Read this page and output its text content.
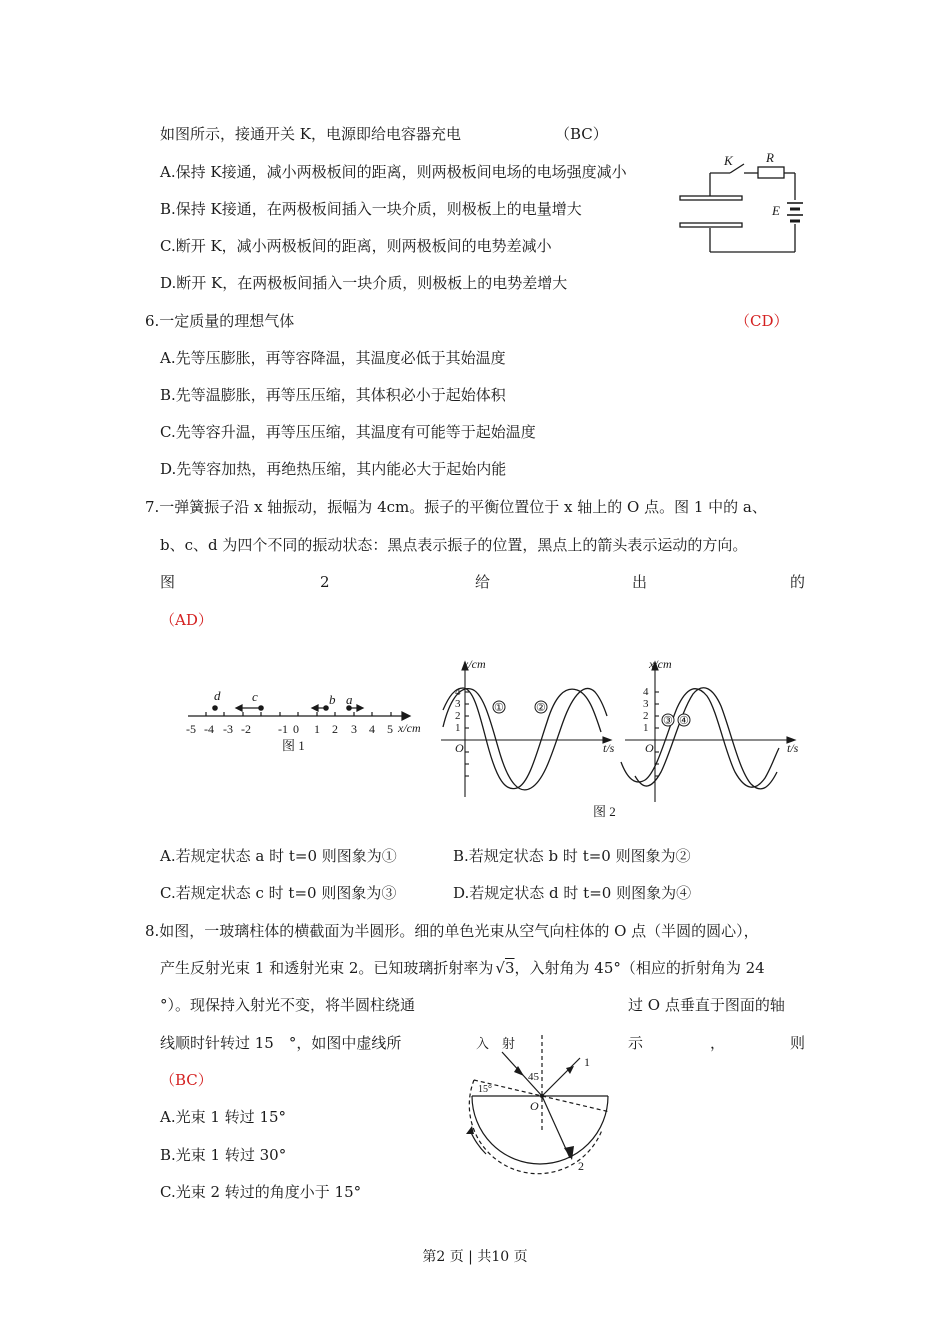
如图所示，接通开关 K，电源即给电容器充电	（BC）
A.保持 K接通，减小两极板间的距离，则两极板间电场的电场强度减小
B.保持 K接通，在两极板间插入一块介质，则极板上的电量增大
C.断开 K，减小两极板间的距离，则两极板间的电势差减小
D.断开 K，在两极板间插入一块介质，则极板上的电势差增大
K	R
E
6.一定质量的理想气体	（CD）
A.先等压膨胀，再等容降温，其温度必低于其始温度
B.先等温膨胀，再等压压缩，其体积必小于起始体积
C.先等容升温，再等压压缩，其温度有可能等于起始温度
D.先等容加热，再绝热压缩，其内能必大于起始内能
7.一弹簧振子沿 x 轴振动，振幅为 4cm。振子的平衡位置位于 x 轴上的 O 点。图 1 中的 a、
b、c、d 为四个不同的振动状态：黑点表示振子的位置，黑点上的箭头表示运动的方向。
图	2	给	出	的
（AD）
d c	b a
-5 -4 -3 -2 -1 0 1 2 3 4 5 x/cm
图 1
①	②
4
3
2
1
O
x/cm
t/s
③ ④
4
3
2
1
O
x/cm
t/s
图 2
A.若规定状态 a 时 t=0 则图象为①	B.若规定状态 b 时 t=0 则图象为②
C.若规定状态 c 时 t=0 则图象为③	D.若规定状态 d 时 t=0 则图象为④
8.如图，一玻璃柱体的横截面为半圆形。细的单色光束从空气向柱体的 O 点（半圆的圆心），
产生反射光束 1 和透射光束 2。已知玻璃折射率为 √3，入射角为 45°（相应的折射角为 24
°）。现保持入射光不变，将半圆柱绕通	过 O 点垂直于图面的轴
线顺时针转过 15　°，如图中虚线所	示	，	则
（BC）
A.光束 1 转过 15°
B.光束 1 转过 30°
C.光束 2 转过的角度小于 15°
入　射
45
15°
O
1
2
第2 页 | 共10 页
